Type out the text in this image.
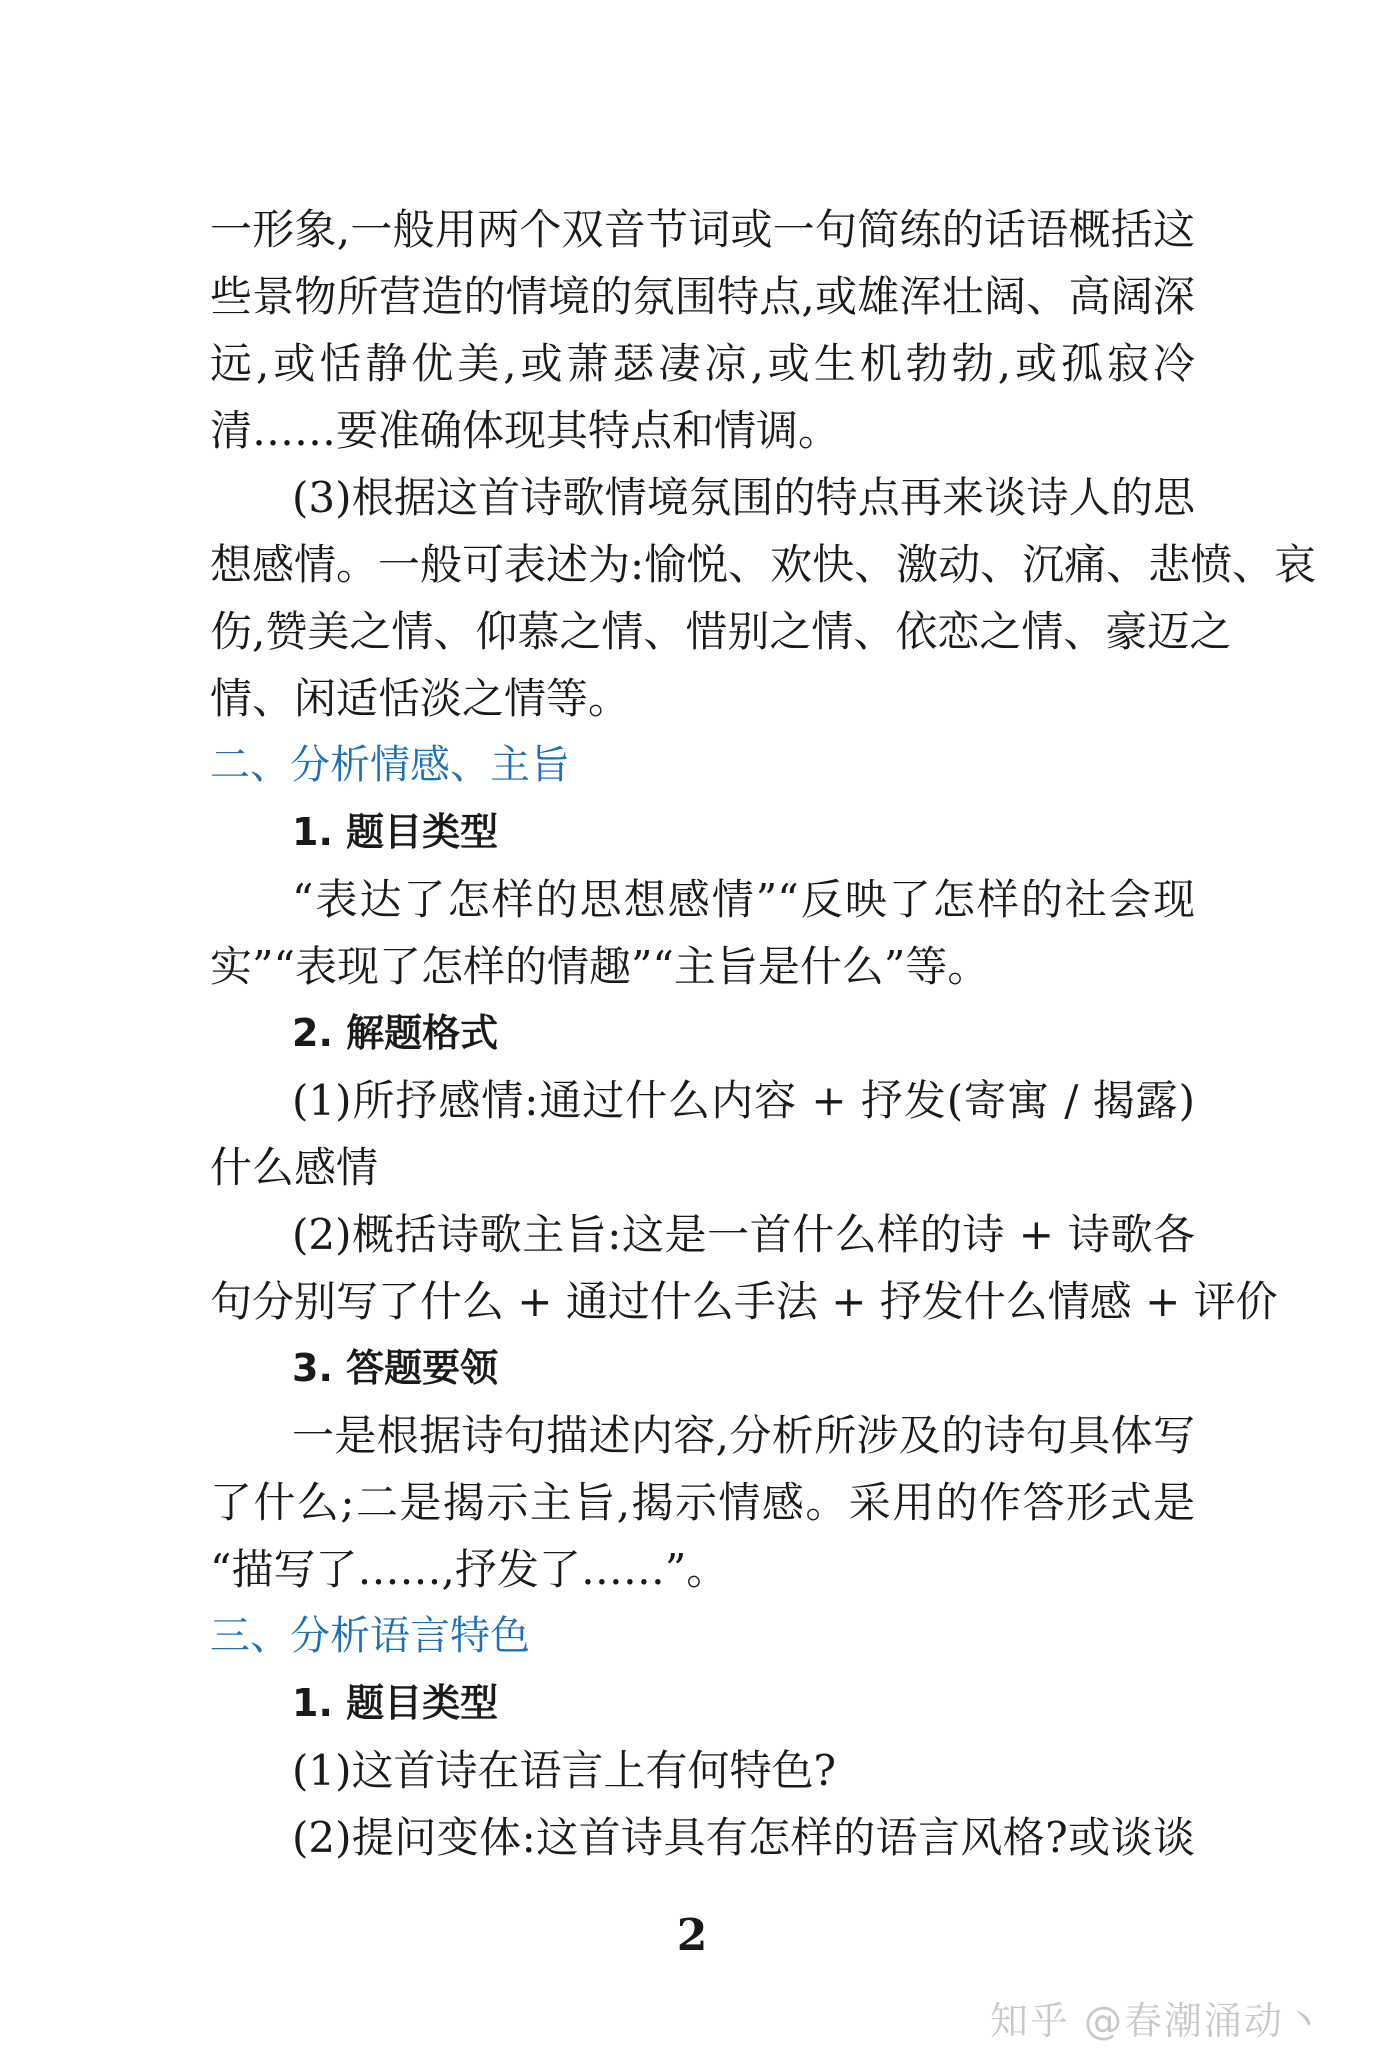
一形象,一般用两个双音节词或一句简练的话语概括这
些景物所营造的情境的氛围特点,或雄浑壮阔、高阔深
远,或恬静优美,或萧瑟凄凉,或生机勃勃,或孤寂冷
清……要准确体现其特点和情调。
(3)根据这首诗歌情境氛围的特点再来谈诗人的思
想感情。一般可表述为:愉悦、欢快、激动、沉痛、悲愤、哀
伤,赞美之情、仰慕之情、惜别之情、依恋之情、豪迈之
情、闲适恬淡之情等。
二、分析情感、主旨
1. 题目类型
“表达了怎样的思想感情”“反映了怎样的社会现
实”“表现了怎样的情趣”“主旨是什么”等。
2. 解题格式
(1)所抒感情:通过什么内容 + 抒发(寄寓 / 揭露)
什么感情
(2)概括诗歌主旨:这是一首什么样的诗 + 诗歌各
句分别写了什么 + 通过什么手法 + 抒发什么情感 + 评价
3. 答题要领
一是根据诗句描述内容,分析所涉及的诗句具体写
了什么;二是揭示主旨,揭示情感。采用的作答形式是
“描写了……,抒发了……”。
三、分析语言特色
1. 题目类型
(1)这首诗在语言上有何特色?
(2)提问变体:这首诗具有怎样的语言风格?或谈谈
2
知乎 @春潮涌动丶
